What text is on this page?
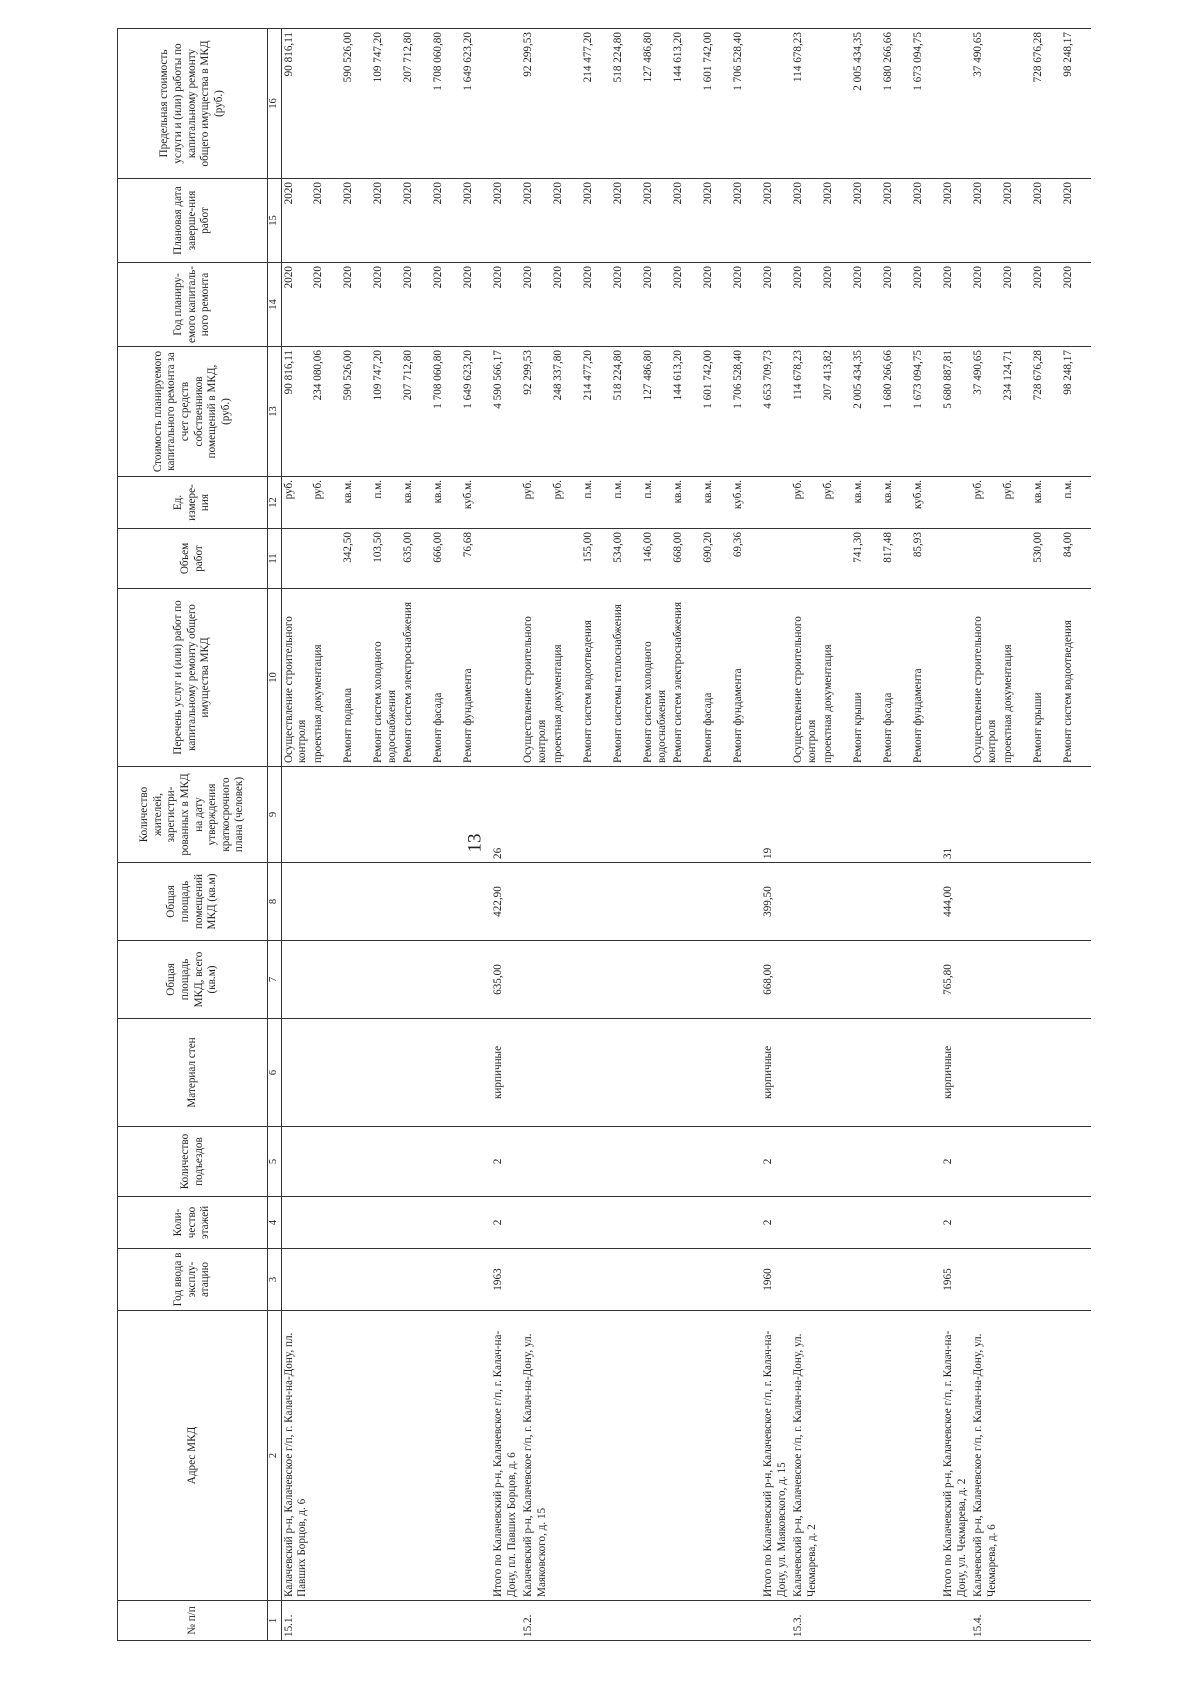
13
№ п/п	Адрес МКД	Год ввода в эксплу-атацию	Коли-чество этажей	Количество подъездов	Материал стен	Общая площадь МКД, всего (кв.м)	Общая площадь помещений МКД (кв.м)	Количество жителей, зарегистри-рованных в МКД на дату утверждения краткосрочного плана (человек)	Перечень услуг и (или) работ по капитальному ремонту общего имущества МКД	Объем работ	Ед. измере-ния	Стоимость планируемого капитального ремонта за счет средств собственников помещений в МКД, (руб.)	Год планиру-емого капиталь-ного ремонта	Плановая дата заверше-ния работ	Предельная стоимость услуги и (или) работы по капитальному ремонту общего имущества в МКД (руб.)
1	2	3	4	5	6	7	8	9	10	11	12	13	14	15	16
15.1.	Калачевский р-н, Калачевское г/п, г. Калач-на-Дону, пл. Павших Борцов, д. 6								Осуществление строительного контроля		руб.	90 816,11	2020	2020	90 816,11
									проектная документация		руб.	234 080,06	2020	2020	
									Ремонт подвала	342,50	кв.м.	590 526,00	2020	2020	590 526,00
									Ремонт систем холодного водоснабжения	103,50	п.м.	109 747,20	2020	2020	109 747,20
									Ремонт систем электроснабжения	635,00	кв.м.	207 712,80	2020	2020	207 712,80
									Ремонт фасада	666,00	кв.м.	1 708 060,80	2020	2020	1 708 060,80
									Ремонт фундамента	76,68	куб.м.	1 649 623,20	2020	2020	1 649 623,20
	Итого по Калачевский р-н, Калачевское г/п, г. Калач-на-Дону, пл. Павших Борцов, д. 6	1963	2	2	кирпичные	635,00	422,90	26				4 590 566,17	2020	2020	
15.2.	Калачевский р-н, Калачевское г/п, г. Калач-на-Дону, ул. Маяковского, д. 15								Осуществление строительного контроля		руб.	92 299,53	2020	2020	92 299,53
									проектная документация		руб.	248 337,80	2020	2020	
									Ремонт систем водоотведения	155,00	п.м.	214 477,20	2020	2020	214 477,20
									Ремонт системы теплоснабжения	534,00	п.м.	518 224,80	2020	2020	518 224,80
									Ремонт систем холодного водоснабжения	146,00	п.м.	127 486,80	2020	2020	127 486,80
									Ремонт систем электроснабжения	668,00	кв.м.	144 613,20	2020	2020	144 613,20
									Ремонт фасада	690,20	кв.м.	1 601 742,00	2020	2020	1 601 742,00
									Ремонт фундамента	69,36	куб.м.	1 706 528,40	2020	2020	1 706 528,40
	Итого по Калачевский р-н, Калачевское г/п, г. Калач-на-Дону, ул. Маяковского, д. 15	1960	2	2	кирпичные	668,00	399,50	19				4 653 709,73	2020	2020	
15.3.	Калачевский р-н, Калачевское г/п, г. Калач-на-Дону, ул. Чекмарева, д. 2								Осуществление строительного контроля		руб.	114 678,23	2020	2020	114 678,23
									проектная документация		руб.	207 413,82	2020	2020	
									Ремонт крыши	741,30	кв.м.	2 005 434,35	2020	2020	2 005 434,35
									Ремонт фасада	817,48	кв.м.	1 680 266,66	2020	2020	1 680 266,66
									Ремонт фундамента	85,93	куб.м.	1 673 094,75	2020	2020	1 673 094,75
	Итого по Калачевский р-н, Калачевское г/п, г. Калач-на-Дону, ул. Чекмарева, д. 2	1965	2	2	кирпичные	765,80	444,00	31				5 680 887,81	2020	2020	
15.4.	Калачевский р-н, Калачевское г/п, г. Калач-на-Дону, ул. Чекмарева, д. 6								Осуществление строительного контроля		руб.	37 490,65	2020	2020	37 490,65
									проектная документация		руб.	234 124,71	2020	2020	
									Ремонт крыши	530,00	кв.м.	728 676,28	2020	2020	728 676,28
									Ремонт систем водоотведения	84,00	п.м.	98 248,17	2020	2020	98 248,17
